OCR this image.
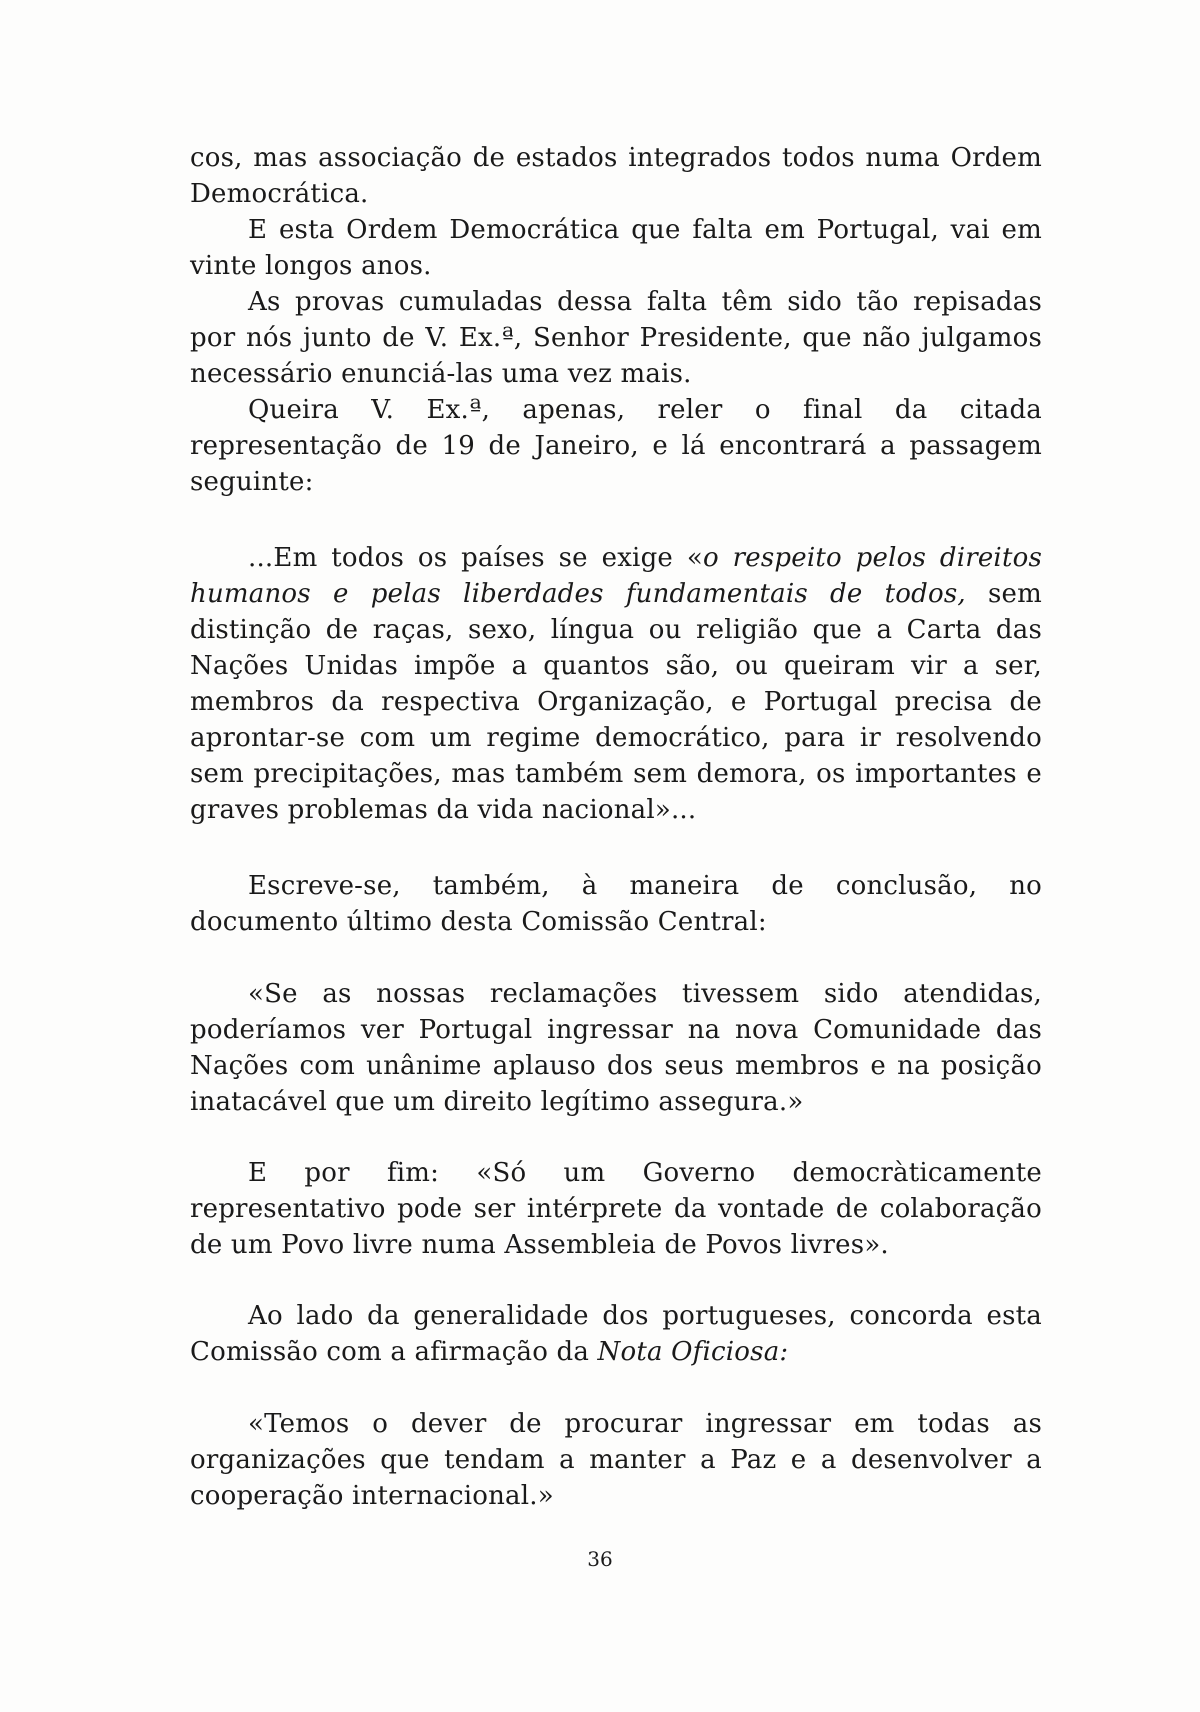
cos, mas associação de estados integrados todos numa Ordem Democrática.

E esta Ordem Democrática que falta em Portugal, vai em vinte longos anos.

As provas cumuladas dessa falta têm sido tão repisadas por nós junto de V. Ex.ª, Senhor Presidente, que não julgamos necessário enunciá-las uma vez mais.

Queira V. Ex.ª, apenas, reler o final da citada representação de 19 de Janeiro, e lá encontrará a passagem seguinte:

...Em todos os países se exige «o respeito pelos direitos humanos e pelas liberdades fundamentais de todos, sem distinção de raças, sexo, língua ou religião que a Carta das Nações Unidas impõe a quantos são, ou queiram vir a ser, membros da respectiva Organização, e Portugal precisa de aprontar-se com um regime democrático, para ir resolvendo sem precipitações, mas também sem demora, os importantes e graves problemas da vida nacional»...

Escreve-se, também, à maneira de conclusão, no documento último desta Comissão Central:

«Se as nossas reclamações tivessem sido atendidas, poderíamos ver Portugal ingressar na nova Comunidade das Nações com unânime aplauso dos seus membros e na posição inatacável que um direito legítimo assegura.»

E por fim: «Só um Governo democràticamente representativo pode ser intérprete da vontade de colaboração de um Povo livre numa Assembleia de Povos livres».

Ao lado da generalidade dos portugueses, concorda esta Comissão com a afirmação da Nota Oficiosa:

«Temos o dever de procurar ingressar em todas as organizações que tendam a manter a Paz e a desenvolver a cooperação internacional.»

36
